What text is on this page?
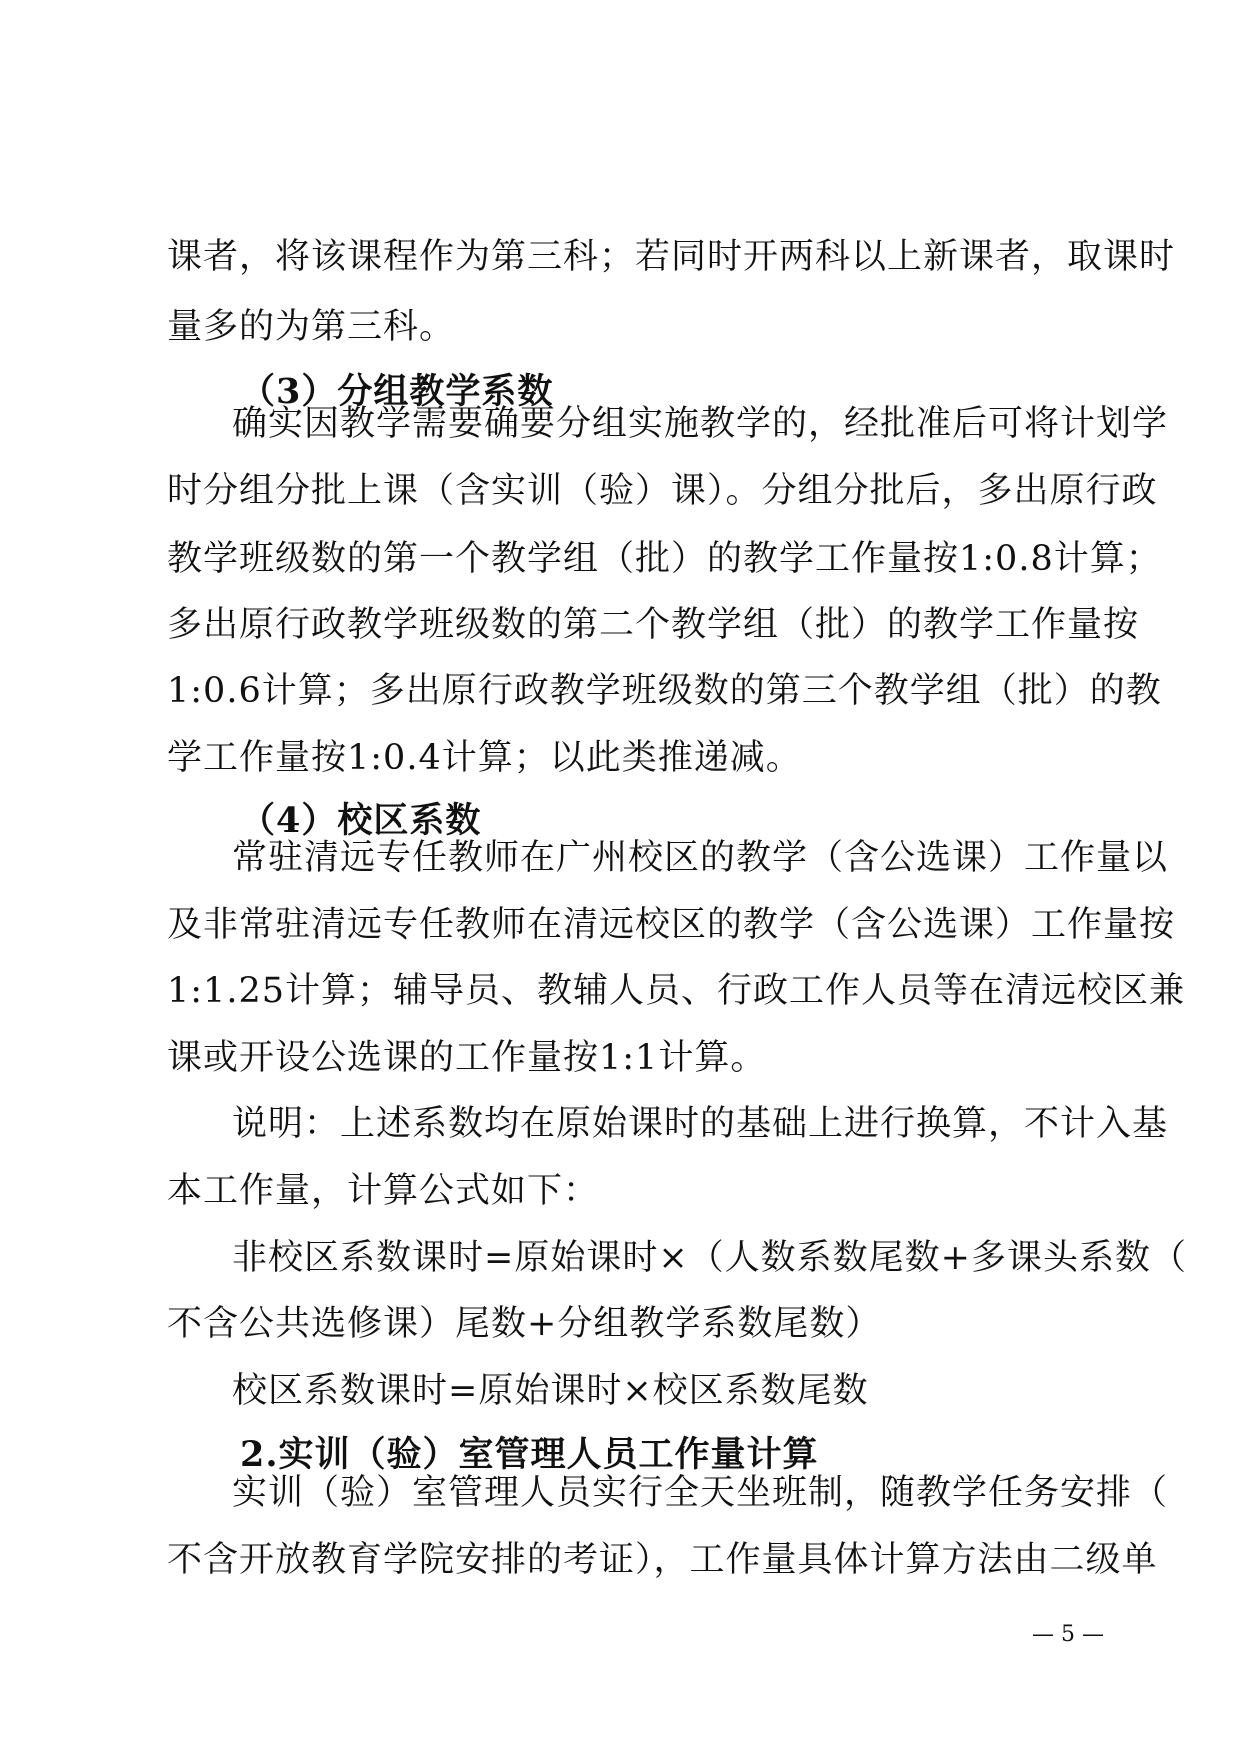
课者，将该课程作为第三科；若同时开两科以上新课者，取课时
量多的为第三科。
（3）分组教学系数
确实因教学需要确要分组实施教学的，经批准后可将计划学
时分组分批上课（含实训（验）课）。分组分批后，多出原行政
教学班级数的第一个教学组（批）的教学工作量按1:0.8计算；
多出原行政教学班级数的第二个教学组（批）的教学工作量按
1:0.6计算；多出原行政教学班级数的第三个教学组（批）的教
学工作量按1:0.4计算；以此类推递减。
（4）校区系数
常驻清远专任教师在广州校区的教学（含公选课）工作量以
及非常驻清远专任教师在清远校区的教学（含公选课）工作量按
1:1.25计算；辅导员、教辅人员、行政工作人员等在清远校区兼
课或开设公选课的工作量按1:1计算。
说明：上述系数均在原始课时的基础上进行换算，不计入基
本工作量，计算公式如下：
非校区系数课时=原始课时×（人数系数尾数+多课头系数（
不含公共选修课）尾数+分组教学系数尾数）
校区系数课时=原始课时×校区系数尾数
2.实训（验）室管理人员工作量计算
实训（验）室管理人员实行全天坐班制，随教学任务安排（
不含开放教育学院安排的考证），工作量具体计算方法由二级单
— 5 —
